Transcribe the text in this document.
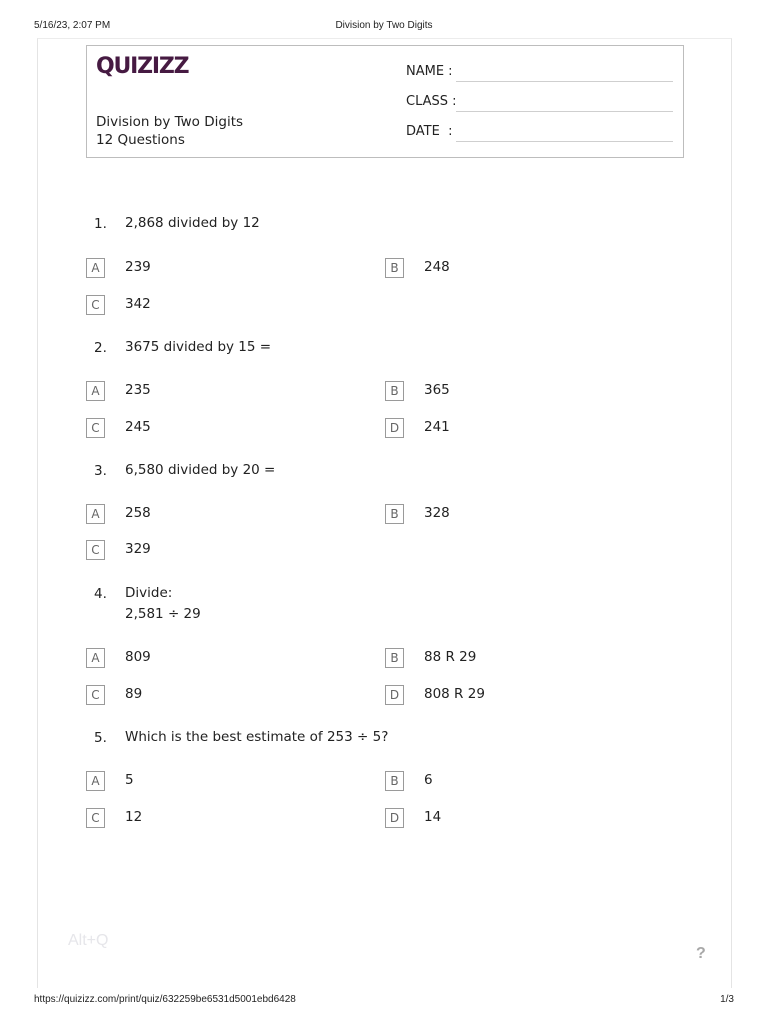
5/16/23, 2:07 PM	Division by Two Digits
QUIZIZZ
Division by Two Digits
12 Questions
NAME :
CLASS :
DATE  :
1. 2,868 divided by 12
A	239	B	248
C	342
2. 3675 divided by 15 =
A	235	B	365
C	245	D	241
3. 6,580 divided by 20 =
A	258	B	328
C	329
4. Divide:
2,581 ÷ 29
A	809	B	88 R 29
C	89	D	808 R 29
5. Which is the best estimate of 253 ÷ 5?
A	5	B	6
C	12	D	14
Alt+Q
?
https://quizizz.com/print/quiz/632259be6531d5001ebd6428	1/3
